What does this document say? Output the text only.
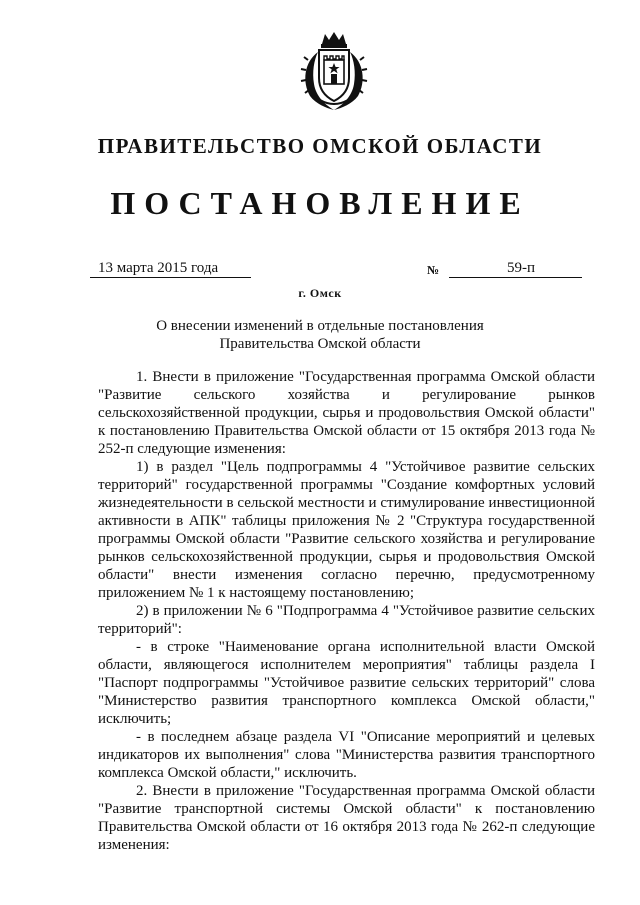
ПРАВИТЕЛЬСТВО ОМСКОЙ ОБЛАСТИ
ПОСТАНОВЛЕНИЕ
13 марта 2015 года	№	59-п
г. Омск
О внесении изменений в отдельные постановления
Правительства Омской области

1. Внести в приложение "Государственная программа Омской области "Развитие сельского хозяйства и регулирование рынков сельскохозяйственной продукции, сырья и продовольствия Омской области" к постановлению Правительства Омской области от 15 октября 2013 года № 252-п следующие изменения:

1) в раздел "Цель подпрограммы 4 "Устойчивое развитие сельских территорий" государственной программы "Создание комфортных условий жизнедеятельности в сельской местности и стимулирование инвестиционной активности в АПК" таблицы приложения № 2 "Структура государственной программы Омской области "Развитие сельского хозяйства и регулирование рынков сельскохозяйственной продукции, сырья и продовольствия Омской области" внести изменения согласно перечню, предусмотренному приложением № 1 к настоящему постановлению;

2) в приложении № 6 "Подпрограмма 4 "Устойчивое развитие сельских территорий":

- в строке "Наименование органа исполнительной власти Омской области, являющегося исполнителем мероприятия" таблицы раздела I "Паспорт подпрограммы "Устойчивое развитие сельских территорий" слова "Министерство развития транспортного комплекса Омской области," исключить;

- в последнем абзаце раздела VI "Описание мероприятий и целевых индикаторов их выполнения" слова "Министерства развития транспортного комплекса Омской области," исключить.

2. Внести в приложение "Государственная программа Омской области "Развитие транспортной системы Омской области" к постановлению Правительства Омской области от 16 октября 2013 года № 262-п следующие изменения:
